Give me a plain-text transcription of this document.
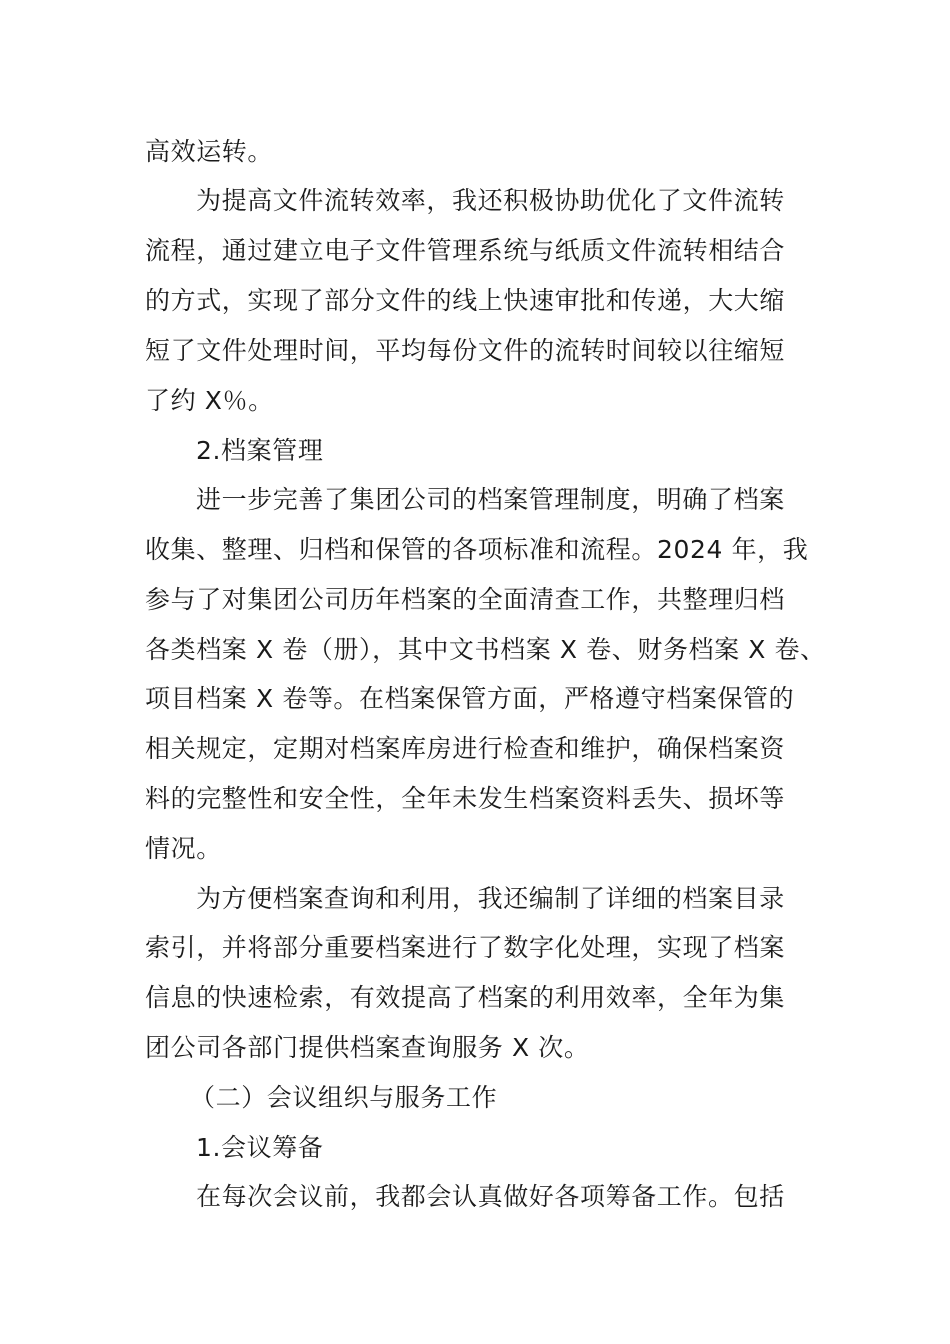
高效运转。
为提高文件流转效率，我还积极协助优化了文件流转
流程，通过建立电子文件管理系统与纸质文件流转相结合
的方式，实现了部分文件的线上快速审批和传递，大大缩
短了文件处理时间，平均每份文件的流转时间较以往缩短
了约 X％。
2.档案管理
进一步完善了集团公司的档案管理制度，明确了档案
收集、整理、归档和保管的各项标准和流程。2024 年，我
参与了对集团公司历年档案的全面清查工作，共整理归档
各类档案 X 卷（册），其中文书档案 X 卷、财务档案 X 卷、
项目档案 X 卷等。在档案保管方面，严格遵守档案保管的
相关规定，定期对档案库房进行检查和维护，确保档案资
料的完整性和安全性，全年未发生档案资料丢失、损坏等
情况。
为方便档案查询和利用，我还编制了详细的档案目录
索引，并将部分重要档案进行了数字化处理，实现了档案
信息的快速检索，有效提高了档案的利用效率，全年为集
团公司各部门提供档案查询服务 X 次。
（二）会议组织与服务工作
1.会议筹备
在每次会议前，我都会认真做好各项筹备工作。包括
